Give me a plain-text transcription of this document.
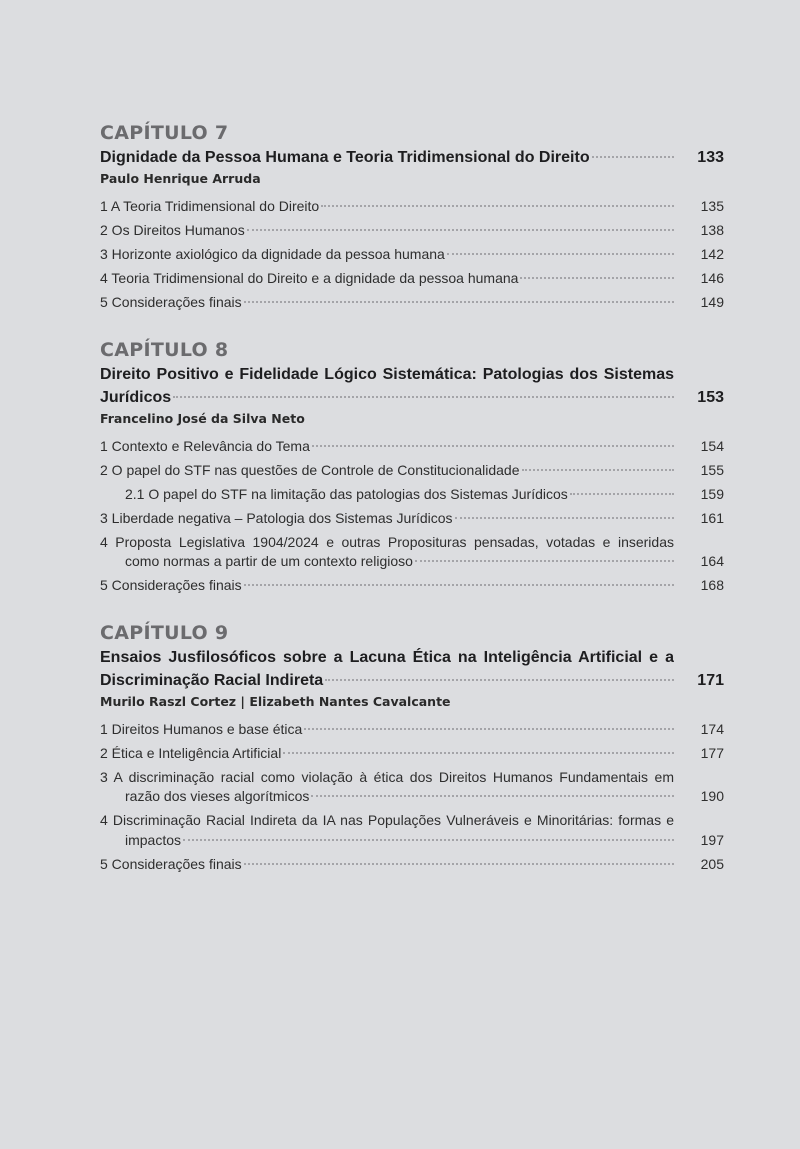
CAPÍTULO 7
Dignidade da Pessoa Humana e Teoria Tridimensional do Direito	133
Paulo Henrique Arruda
1 A Teoria Tridimensional do Direito	135
2 Os Direitos Humanos	138
3 Horizonte axiológico da dignidade da pessoa humana	142
4 Teoria Tridimensional do Direito e a dignidade da pessoa humana	146
5 Considerações finais	149
CAPÍTULO 8
Direito Positivo e Fidelidade Lógico Sistemática: Patologias dos Sistemas
Jurídicos	153
Francelino José da Silva Neto
1 Contexto e Relevância do Tema	154
2 O papel do STF nas questões de Controle de Constitucionalidade	155
2.1 O papel do STF na limitação das patologias dos Sistemas Jurídicos	159
3 Liberdade negativa – Patologia dos Sistemas Jurídicos	161
4 Proposta Legislativa 1904/2024 e outras Proposituras pensadas, votadas e inseridas
como normas a partir de um contexto religioso	164
5 Considerações finais	168
CAPÍTULO 9
Ensaios Jusfilosóficos sobre a Lacuna Ética na Inteligência Artificial e a
Discriminação Racial Indireta	171
Murilo Raszl Cortez | Elizabeth Nantes Cavalcante
1 Direitos Humanos e base ética	174
2 Ética e Inteligência Artificial	177
3 A discriminação racial como violação à ética dos Direitos Humanos Fundamentais em
razão dos vieses algorítmicos	190
4 Discriminação Racial Indireta da IA nas Populações Vulneráveis e Minoritárias: formas e
impactos	197
5 Considerações finais	205
